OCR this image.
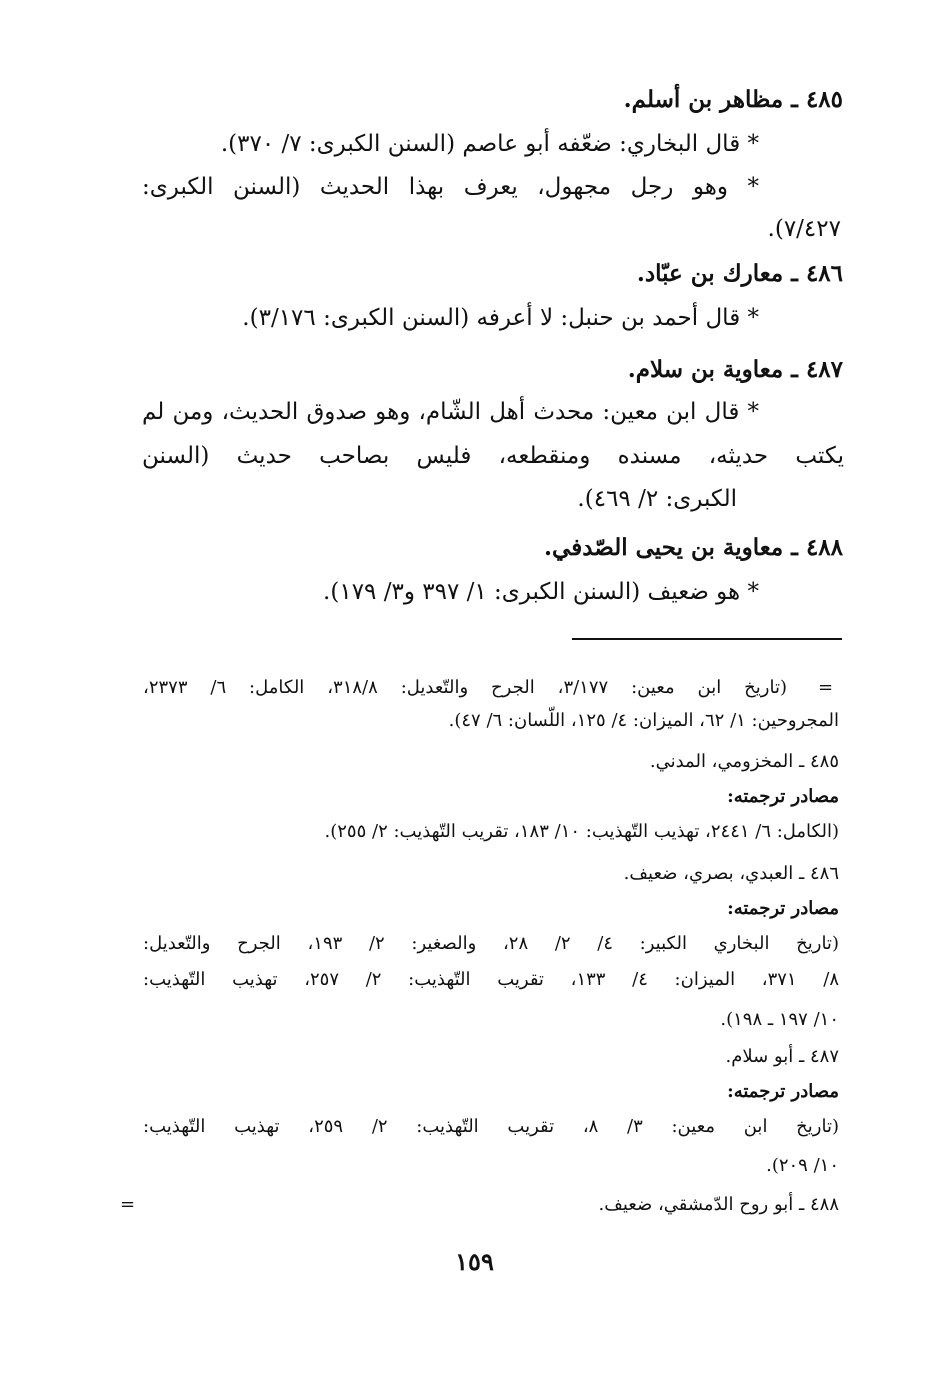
٤٨٥ ـ مظاهر بن أسلم.
* قال البخاري: ضعّفه أبو عاصم (السنن الكبرى: ٧/ ٣٧٠).
* وهو رجل مجهول، يعرف بهذا الحديث (السنن الكبرى:
٧/٤٢٧).
٤٨٦ ـ معارك بن عبّاد.
* قال أحمد بن حنبل: لا أعرفه (السنن الكبرى: ٣/١٧٦).
٤٨٧ ـ معاوية بن سلام.
* قال ابن معين: محدث أهل الشّام، وهو صدوق الحديث، ومن لم
يكتب حديثه، مسنده ومنقطعه، فليس بصاحب حديث (السنن
الكبرى: ٢/ ٤٦٩).
٤٨٨ ـ معاوية بن يحيى الصّدفي.
* هو ضعيف (السنن الكبرى: ١/ ٣٩٧ و٣/ ١٧٩).
=
(تاريخ ابن معين: ٣/١٧٧، الجرح والتّعديل: ٣١٨/٨، الكامل: ٦/ ٢٣٧٣،
المجروحين: ١/ ٦٢، الميزان: ٤/ ١٢٥، اللّسان: ٦/ ٤٧).
٤٨٥ ـ المخزومي، المدني.
مصادر ترجمته:
(الكامل: ٦/ ٢٤٤١، تهذيب التّهذيب: ١٠/ ١٨٣، تقريب التّهذيب: ٢/ ٢٥٥).
٤٨٦ ـ العبدي، بصري، ضعيف.
مصادر ترجمته:
(تاريخ البخاري الكبير: ٤/ ٢/ ٢٨، والصغير: ٢/ ١٩٣، الجرح والتّعديل:
٨/ ٣٧١، الميزان: ٤/ ١٣٣، تقريب التّهذيب: ٢/ ٢٥٧، تهذيب التّهذيب:
١٠/ ١٩٧ ـ ١٩٨).
٤٨٧ ـ أبو سلام.
مصادر ترجمته:
(تاريخ ابن معين: ٣/ ٨، تقريب التّهذيب: ٢/ ٢٥٩، تهذيب التّهذيب:
١٠/ ٢٠٩).
٤٨٨ ـ أبو روح الدّمشقي، ضعيف.
=
١٥٩
